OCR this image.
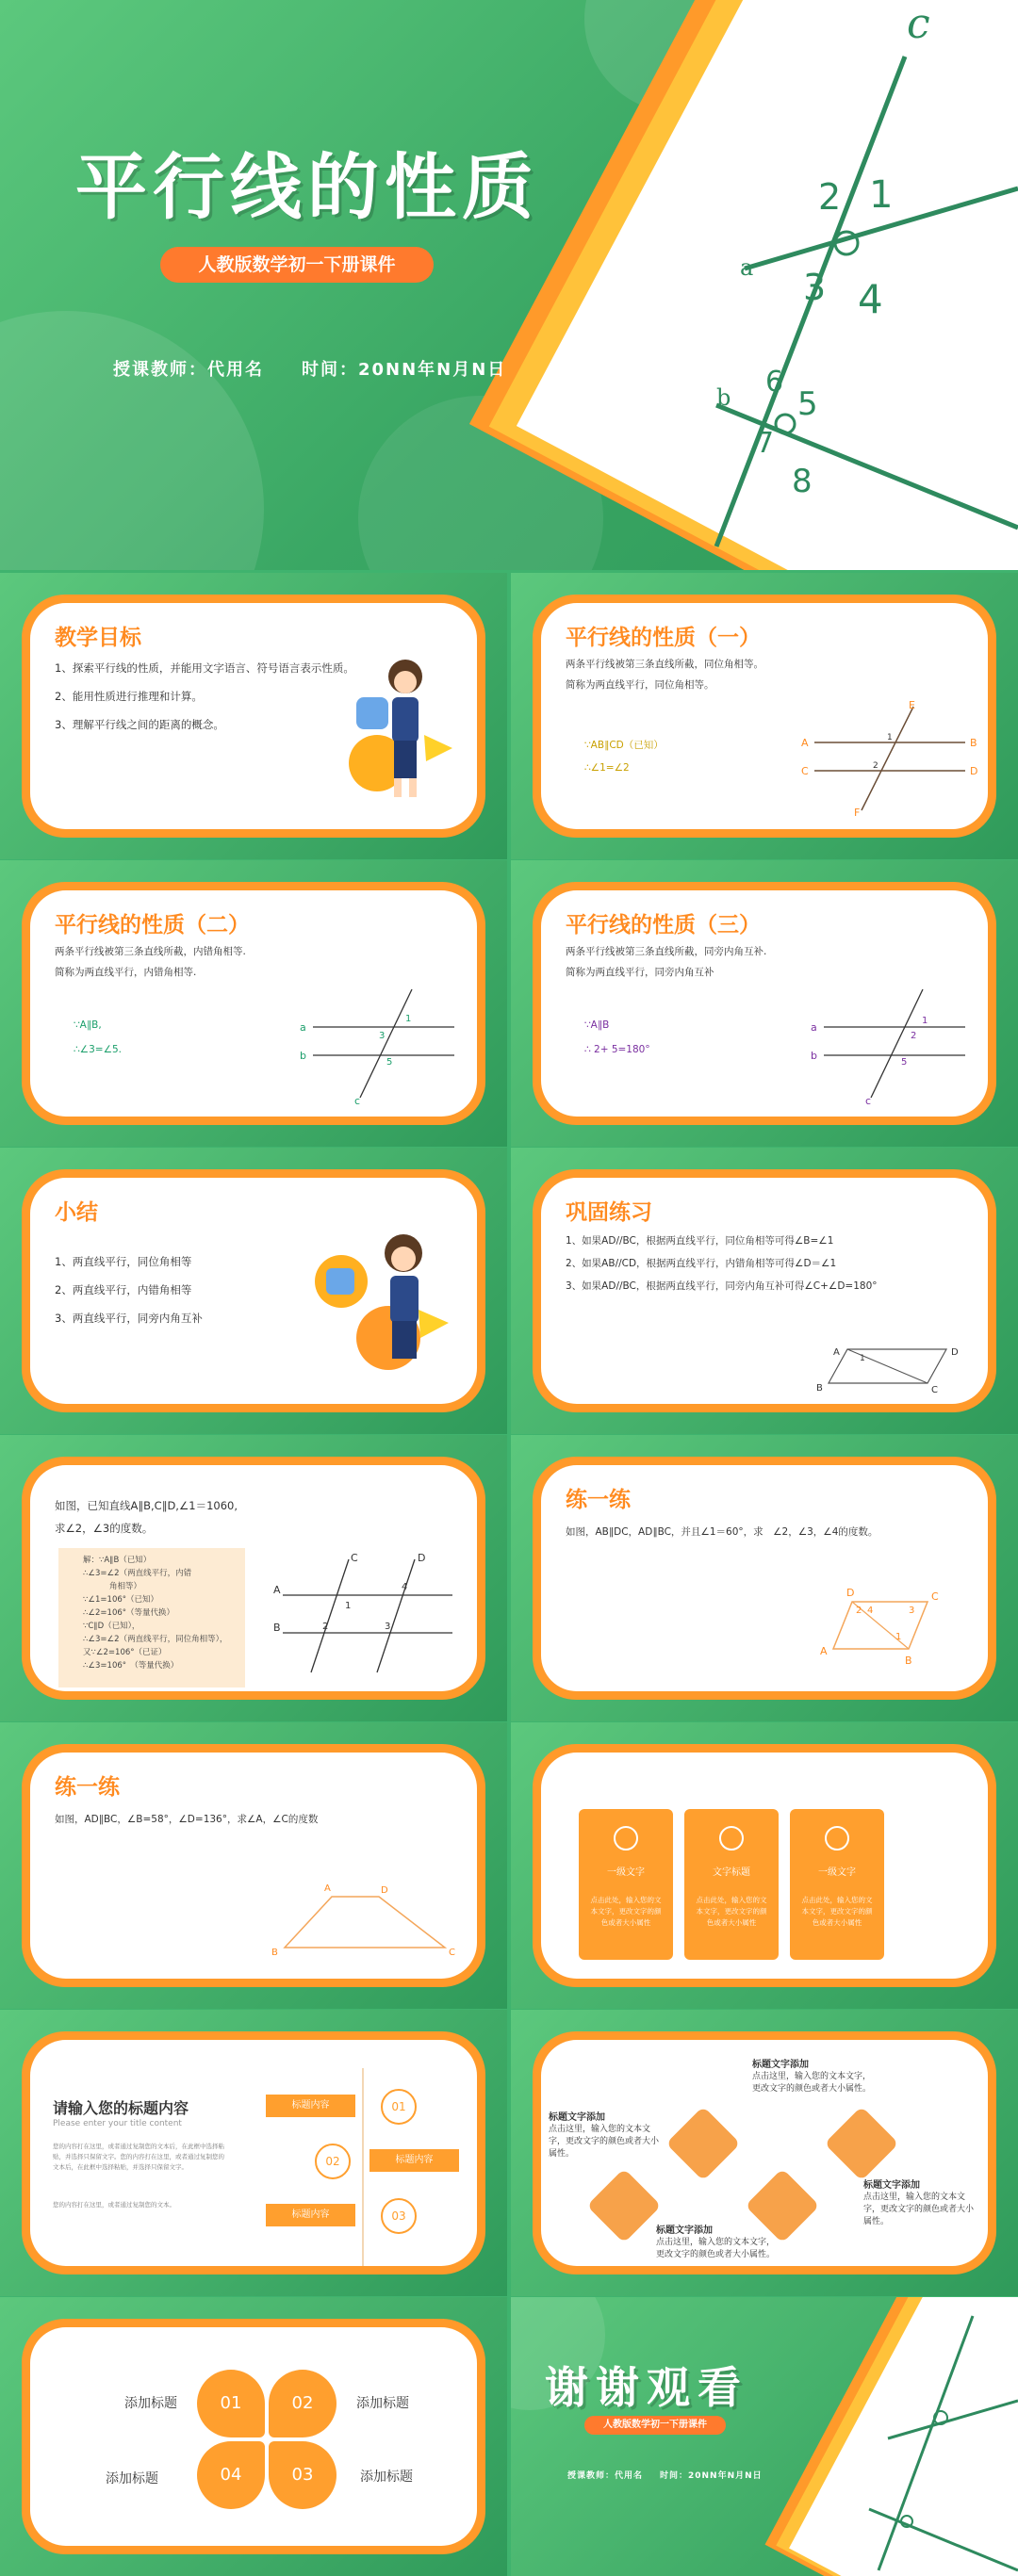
c
a
b
1
2
3 4
5
6
7
8
平行线的性质
人教版数学初一下册课件
授课教师：代用名 时间：20NN年N月N日
教学目标
1、探索平行线的性质，并能用文字语言、符号语言表示性质。
2、能用性质进行推理和计算。
3、理解平行线之间的距离的概念。
平行线的性质（一）
两条平行线被第三条直线所截，同位角相等。
简称为两直线平行，同位角相等。
∵AB∥CD（已知）
∴∠1=∠2
E
A	B
C	D
F
1
2
平行线的性质（二）
两条平行线被第三条直线所截，内错角相等.
简称为两直线平行，内错角相等.
∵A∥B,
∴∠3=∠5.
a
b
c
1
3
5
平行线的性质（三）
两条平行线被第三条直线所截，同旁内角互补.
简称为两直线平行，同旁内角互补
∵A∥B
∴ 2+ 5=180°
a
b
c
1
2
5
小结
1、两直线平行，同位角相等
2、两直线平行，内错角相等
3、两直线平行，同旁内角互补
巩固练习
1、如果AD//BC，根据两直线平行，同位角相等可得∠B=∠1
2、如果AB//CD，根据两直线平行，内错角相等可得∠D＝∠1
3、如果AD//BC，根据两直线平行，同旁内角互补可得∠C+∠D=180°
A	D
B	C
1
如图，已知直线A∥B,C∥D,∠1＝1060,
求∠2，∠3的度数。
解：∵A∥B（已知）
∴∠3=∠2（两直线平行，内错
角相等）
∵∠1=106°（已知）
∴∠2=106°（等量代换）
∵C∥D（已知），
∴∠3=∠2（两直线平行，同位角相等），
又∵∠2=106°（已证）
∴∠3=106°　（等量代换）
C	D
A
B
1
2	3
4
练一练
如图，AB∥DC，AD∥BC，并且∠1＝60°，求　∠2，∠3，∠4的度数。
D	C
A
B
1
2	3
4
练一练
如图，AD∥BC，∠B=58°，∠D=136°，求∠A，∠C的度数
A	D
B	C
一级文字
点击此处，输入您的文本文字，更改文字的颜色或者大小属性
文字标题
点击此处，输入您的文本文字，更改文字的颜色或者大小属性
一级文字
点击此处，输入您的文本文字，更改文字的颜色或者大小属性
请输入您的标题内容
Please enter your title content
您的内容打在这里，或者通过复制您的文本后，在此框中选择粘贴，并选择只保留文字。您的内容打在这里，或者通过复制您的文本后，在此框中选择粘贴，并选择只保留文字。
您的内容打在这里，或者通过复制您的文本。
标题内容	01
02	标题内容
标题内容	03
标题文字添加
点击这里，输入您的文本文字，更改文字的颜色或者大小属性。
标题文字添加
点击这里，输入您的文本文字，更改文字的颜色或者大小属性。
标题文字添加
点击这里，输入您的文本文字，更改文字的颜色或者大小属性。
标题文字添加
点击这里，输入您的文本文字，更改文字的颜色或者大小属性。
01	02
04	03
添加标题	添加标题
添加标题	添加标题
谢谢观看
人教版数学初一下册课件
授课教师：代用名 时间：20NN年N月N日
